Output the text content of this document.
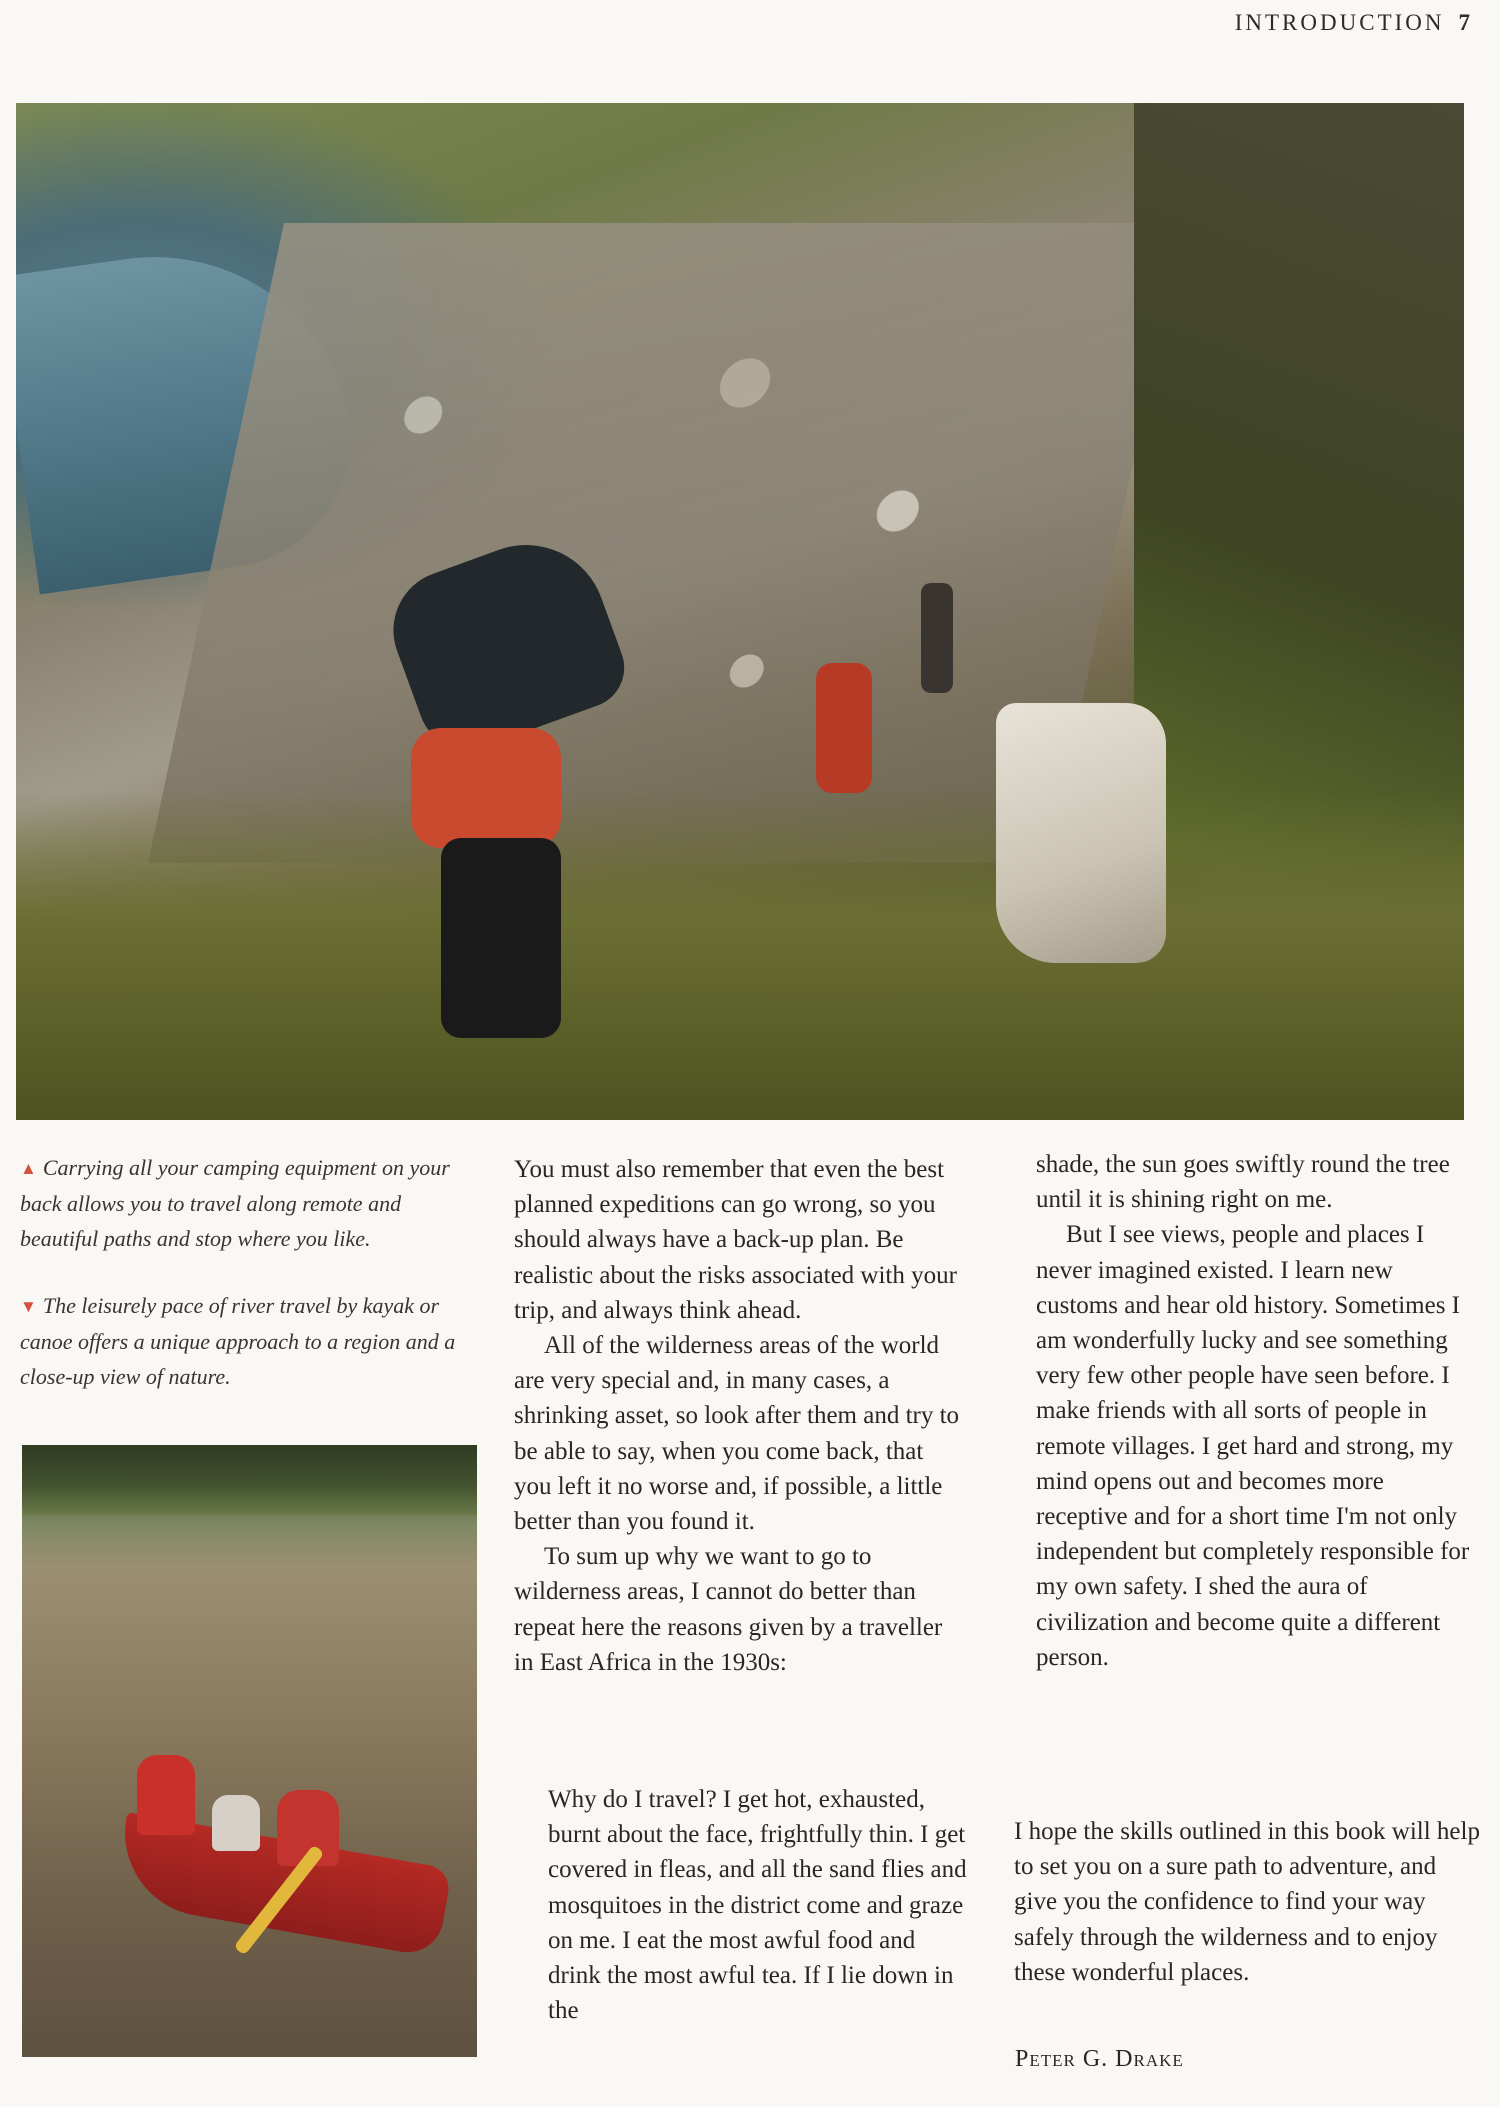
INTRODUCTION 7

▲ Carrying all your camping equipment on your back allows you to travel along remote and beautiful paths and stop where you like.

▼ The leisurely pace of river travel by kayak or canoe offers a unique approach to a region and a close-up view of nature.

You must also remember that even the best planned expeditions can go wrong, so you should always have a back-up plan. Be realistic about the risks associated with your trip, and always think ahead.

All of the wilderness areas of the world are very special and, in many cases, a shrinking asset, so look after them and try to be able to say, when you come back, that you left it no worse and, if possible, a little better than you found it.

To sum up why we want to go to wilderness areas, I cannot do better than repeat here the reasons given by a traveller in East Africa in the 1930s:

Why do I travel? I get hot, exhausted, burnt about the face, frightfully thin. I get covered in fleas, and all the sand flies and mosquitoes in the district come and graze on me. I eat the most awful food and drink the most awful tea. If I lie down in the

shade, the sun goes swiftly round the tree until it is shining right on me.

But I see views, people and places I never imagined existed. I learn new customs and hear old history. Sometimes I am wonderfully lucky and see something very few other people have seen before. I make friends with all sorts of people in remote villages. I get hard and strong, my mind opens out and becomes more receptive and for a short time I'm not only independent but completely responsible for my own safety. I shed the aura of civilization and become quite a different person.

I hope the skills outlined in this book will help to set you on a sure path to adventure, and give you the confidence to find your way safely through the wilderness and to enjoy these wonderful places.
Peter G. Drake
